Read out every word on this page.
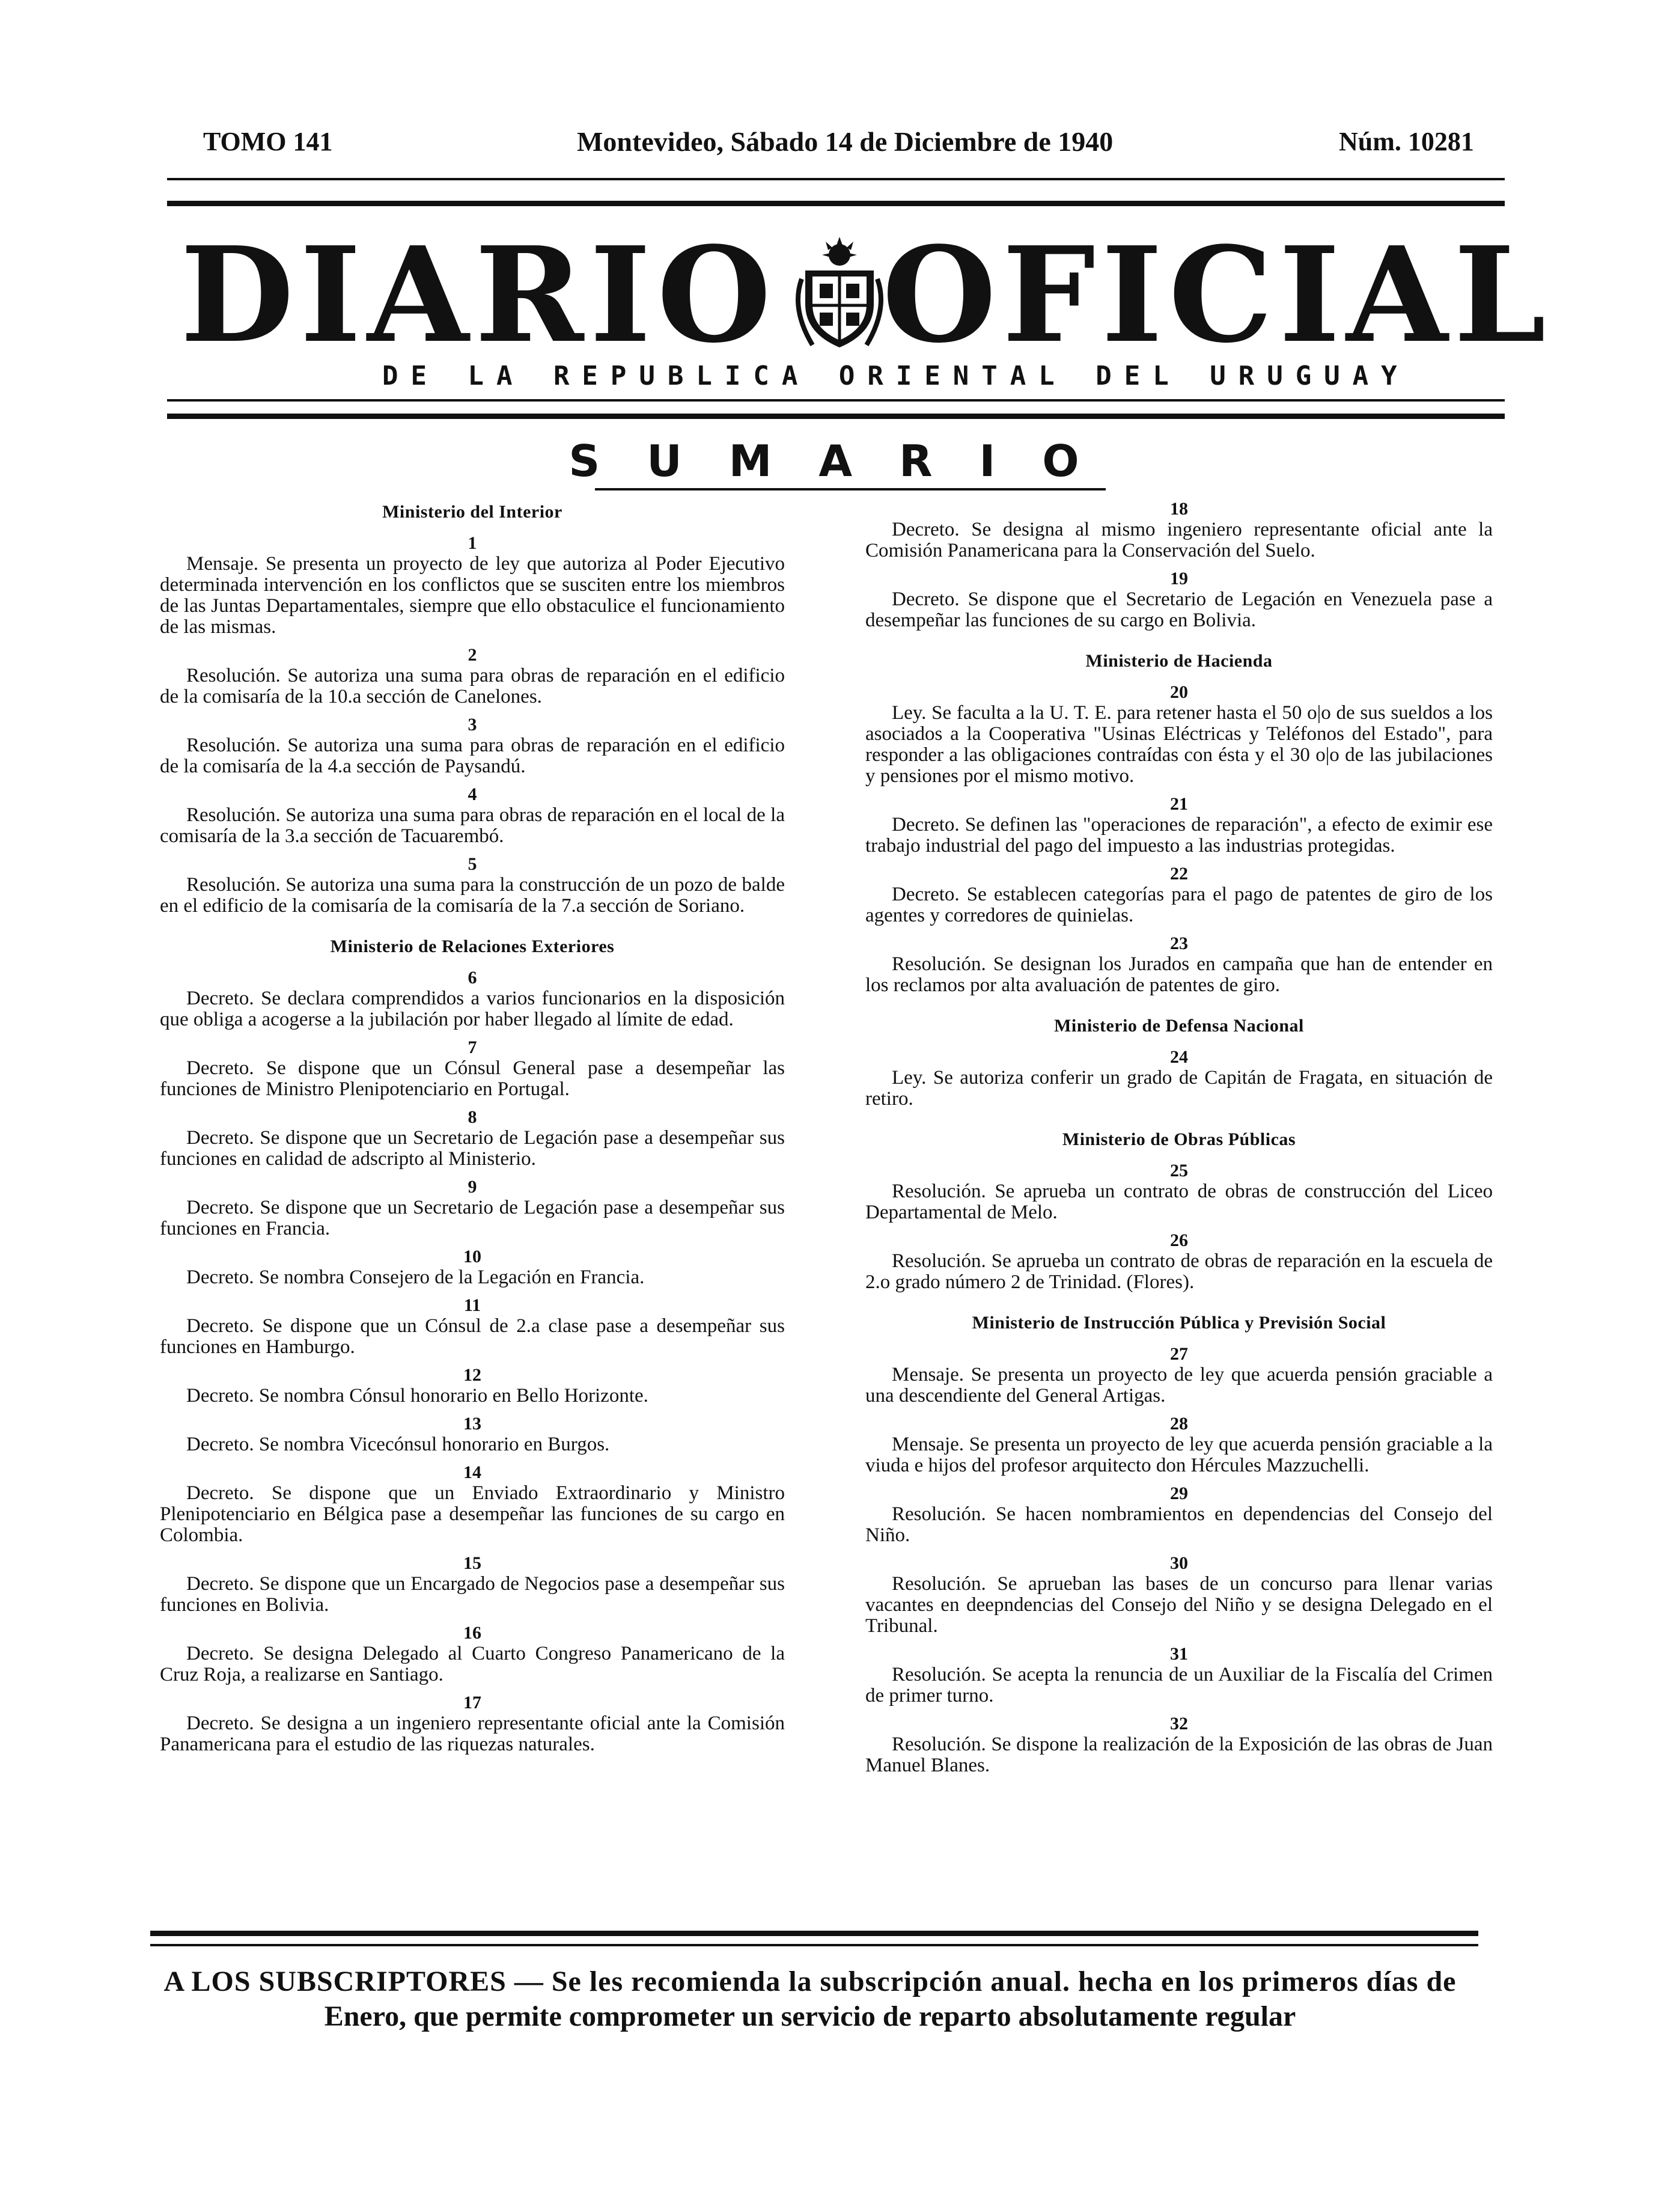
TOMO 141	Montevideo, Sábado 14 de Diciembre de 1940	Núm. 10281
DIARIO OFICIAL
DE LA REPUBLICA ORIENTAL DEL URUGUAY
SUMARIO
Ministerio del Interior
1
Mensaje. Se presenta un proyecto de ley que autoriza al Poder Ejecutivo determinada intervención en los conflictos que se susciten entre los miembros de las Juntas Departamentales, siempre que ello obstaculice el funcionamiento de las mismas.
2
Resolución. Se autoriza una suma para obras de reparación en el edificio de la comisaría de la 10.a sección de Canelones.
3
Resolución. Se autoriza una suma para obras de reparación en el edificio de la comisaría de la 4.a sección de Paysandú.
4
Resolución. Se autoriza una suma para obras de reparación en el local de la comisaría de la 3.a sección de Tacuarembó.
5
Resolución. Se autoriza una suma para la construcción de un pozo de balde en el edificio de la comisaría de la comisaría de la 7.a sección de Soriano.
Ministerio de Relaciones Exteriores
6
Decreto. Se declara comprendidos a varios funcionarios en la disposición que obliga a acogerse a la jubilación por haber llegado al límite de edad.
7
Decreto. Se dispone que un Cónsul General pase a desempeñar las funciones de Ministro Plenipotenciario en Portugal.
8
Decreto. Se dispone que un Secretario de Legación pase a desempeñar sus funciones en calidad de adscripto al Ministerio.
9
Decreto. Se dispone que un Secretario de Legación pase a desempeñar sus funciones en Francia.
10
Decreto. Se nombra Consejero de la Legación en Francia.
11
Decreto. Se dispone que un Cónsul de 2.a clase pase a desempeñar sus funciones en Hamburgo.
12
Decreto. Se nombra Cónsul honorario en Bello Horizonte.
13
Decreto. Se nombra Vicecónsul honorario en Burgos.
14
Decreto. Se dispone que un Enviado Extraordinario y Ministro Plenipotenciario en Bélgica pase a desempeñar las funciones de su cargo en Colombia.
15
Decreto. Se dispone que un Encargado de Negocios pase a desempeñar sus funciones en Bolivia.
16
Decreto. Se designa Delegado al Cuarto Congreso Panamericano de la Cruz Roja, a realizarse en Santiago.
17
Decreto. Se designa a un ingeniero representante oficial ante la Comisión Panamericana para el estudio de las riquezas naturales.
18
Decreto. Se designa al mismo ingeniero representante oficial ante la Comisión Panamericana para la Conservación del Suelo.
19
Decreto. Se dispone que el Secretario de Legación en Venezuela pase a desempeñar las funciones de su cargo en Bolivia.
Ministerio de Hacienda
20
Ley. Se faculta a la U. T. E. para retener hasta el 50 o|o de sus sueldos a los asociados a la Cooperativa "Usinas Eléctricas y Teléfonos del Estado", para responder a las obligaciones contraídas con ésta y el 30 o|o de las jubilaciones y pensiones por el mismo motivo.
21
Decreto. Se definen las "operaciones de reparación", a efecto de eximir ese trabajo industrial del pago del impuesto a las industrias protegidas.
22
Decreto. Se establecen categorías para el pago de patentes de giro de los agentes y corredores de quinielas.
23
Resolución. Se designan los Jurados en campaña que han de entender en los reclamos por alta avaluación de patentes de giro.
Ministerio de Defensa Nacional
24
Ley. Se autoriza conferir un grado de Capitán de Fragata, en situación de retiro.
Ministerio de Obras Públicas
25
Resolución. Se aprueba un contrato de obras de construcción del Liceo Departamental de Melo.
26
Resolución. Se aprueba un contrato de obras de reparación en la escuela de 2.o grado número 2 de Trinidad. (Flores).
Ministerio de Instrucción Pública y Previsión Social
27
Mensaje. Se presenta un proyecto de ley que acuerda pensión graciable a una descendiente del General Artigas.
28
Mensaje. Se presenta un proyecto de ley que acuerda pensión graciable a la viuda e hijos del profesor arquitecto don Hércules Mazzuchelli.
29
Resolución. Se hacen nombramientos en dependencias del Consejo del Niño.
30
Resolución. Se aprueban las bases de un concurso para llenar varias vacantes en deepndencias del Consejo del Niño y se designa Delegado en el Tribunal.
31
Resolución. Se acepta la renuncia de un Auxiliar de la Fiscalía del Crimen de primer turno.
32
Resolución. Se dispone la realización de la Exposición de las obras de Juan Manuel Blanes.
A LOS SUBSCRIPTORES — Se les recomienda la subscripción anual. hecha en los primeros días de
Enero, que permite comprometer un servicio de reparto absolutamente regular
